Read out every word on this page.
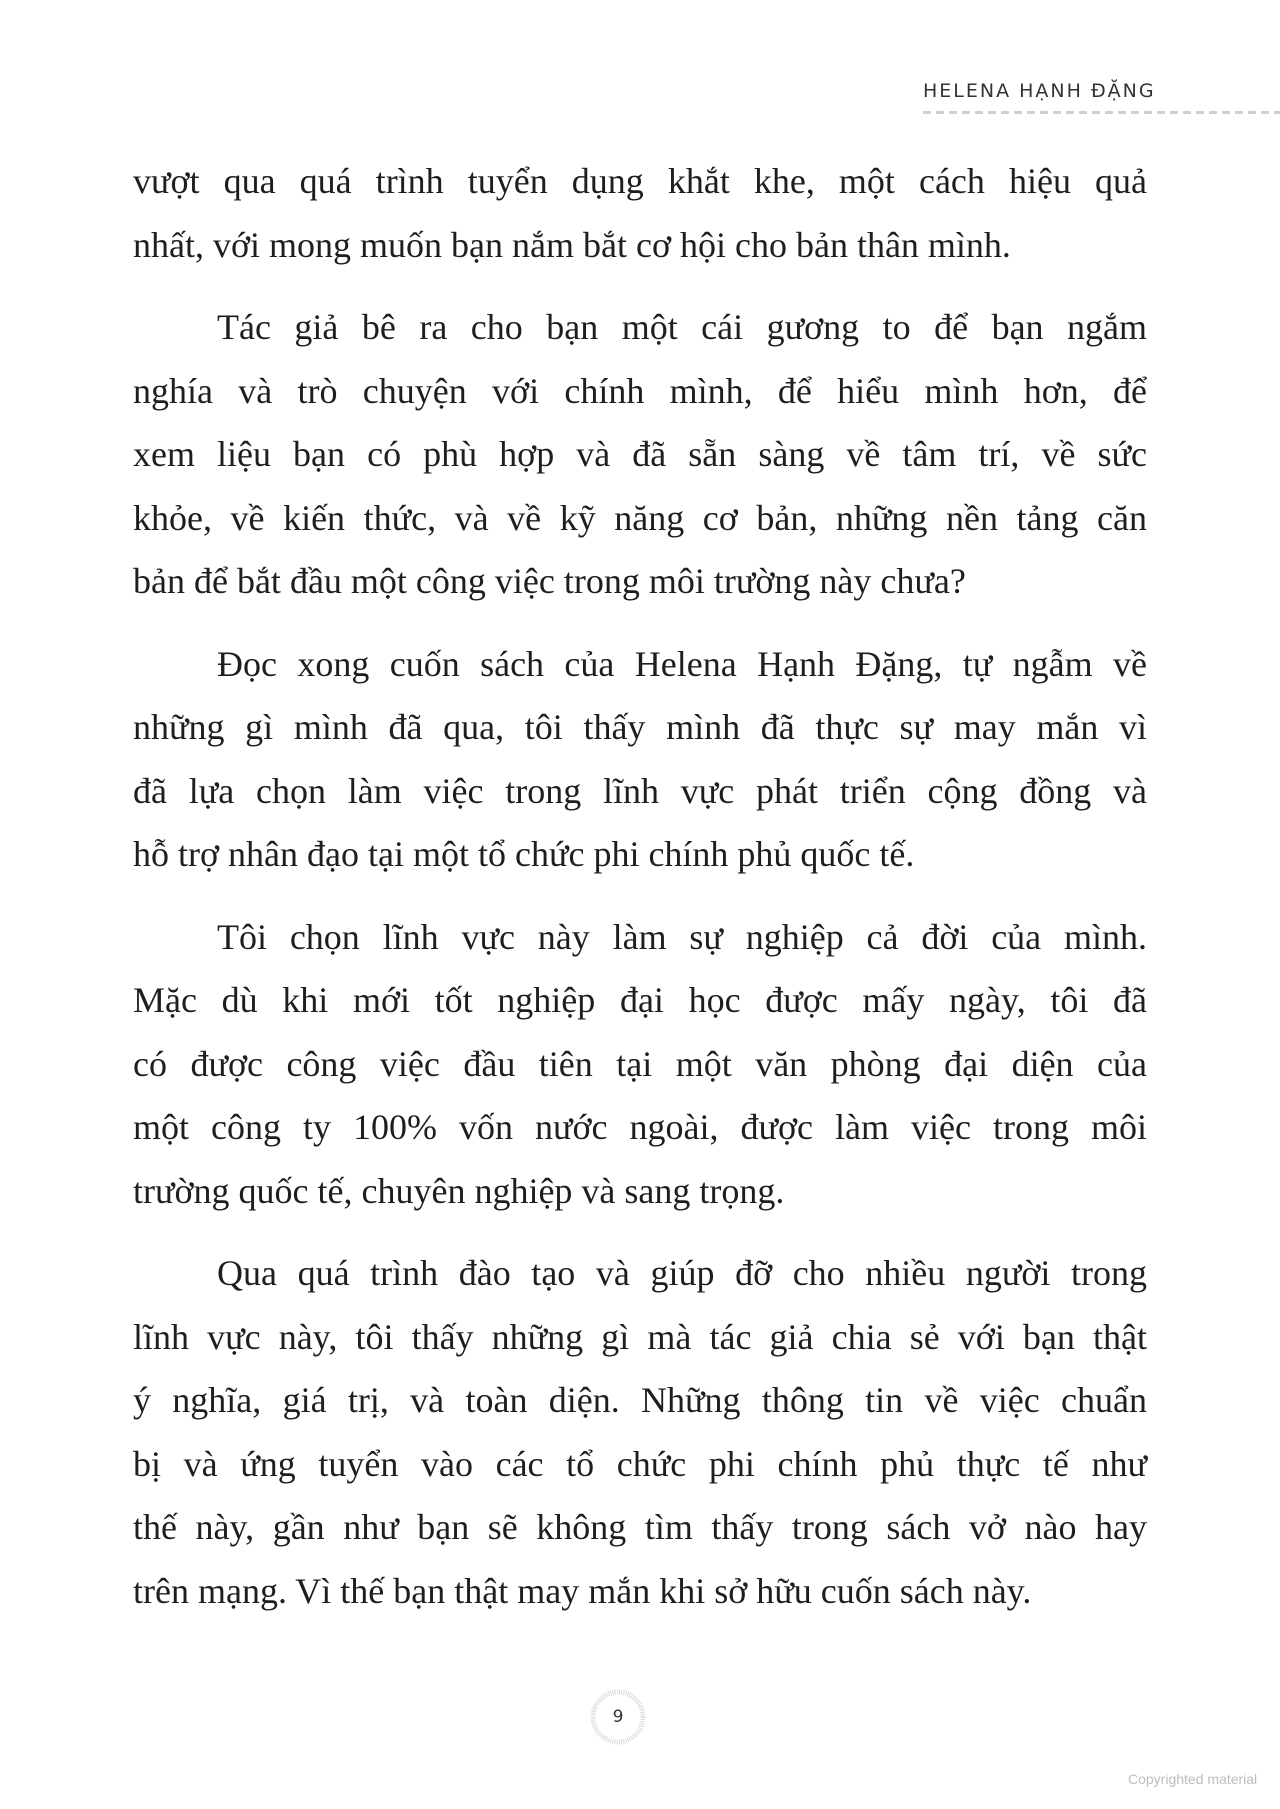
HELENA HẠNH ĐẶNG
vượt qua quá trình tuyển dụng khắt khe, một cách hiệu quả
nhất, với mong muốn bạn nắm bắt cơ hội cho bản thân mình.
Tác giả bê ra cho bạn một cái gương to để bạn ngắm
nghía và trò chuyện với chính mình, để hiểu mình hơn, để
xem liệu bạn có phù hợp và đã sẵn sàng về tâm trí, về sức
khỏe, về kiến thức, và về kỹ năng cơ bản, những nền tảng căn
bản để bắt đầu một công việc trong môi trường này chưa?
Đọc xong cuốn sách của Helena Hạnh Đặng, tự ngẫm về
những gì mình đã qua, tôi thấy mình đã thực sự may mắn vì
đã lựa chọn làm việc trong lĩnh vực phát triển cộng đồng và
hỗ trợ nhân đạo tại một tổ chức phi chính phủ quốc tế.
Tôi chọn lĩnh vực này làm sự nghiệp cả đời của mình.
Mặc dù khi mới tốt nghiệp đại học được mấy ngày, tôi đã
có được công việc đầu tiên tại một văn phòng đại diện của
một công ty 100% vốn nước ngoài, được làm việc trong môi
trường quốc tế, chuyên nghiệp và sang trọng.
Qua quá trình đào tạo và giúp đỡ cho nhiều người trong
lĩnh vực này, tôi thấy những gì mà tác giả chia sẻ với bạn thật
ý nghĩa, giá trị, và toàn diện. Những thông tin về việc chuẩn
bị và ứng tuyển vào các tổ chức phi chính phủ thực tế như
thế này, gần như bạn sẽ không tìm thấy trong sách vở nào hay
trên mạng. Vì thế bạn thật may mắn khi sở hữu cuốn sách này.
9
Copyrighted material
